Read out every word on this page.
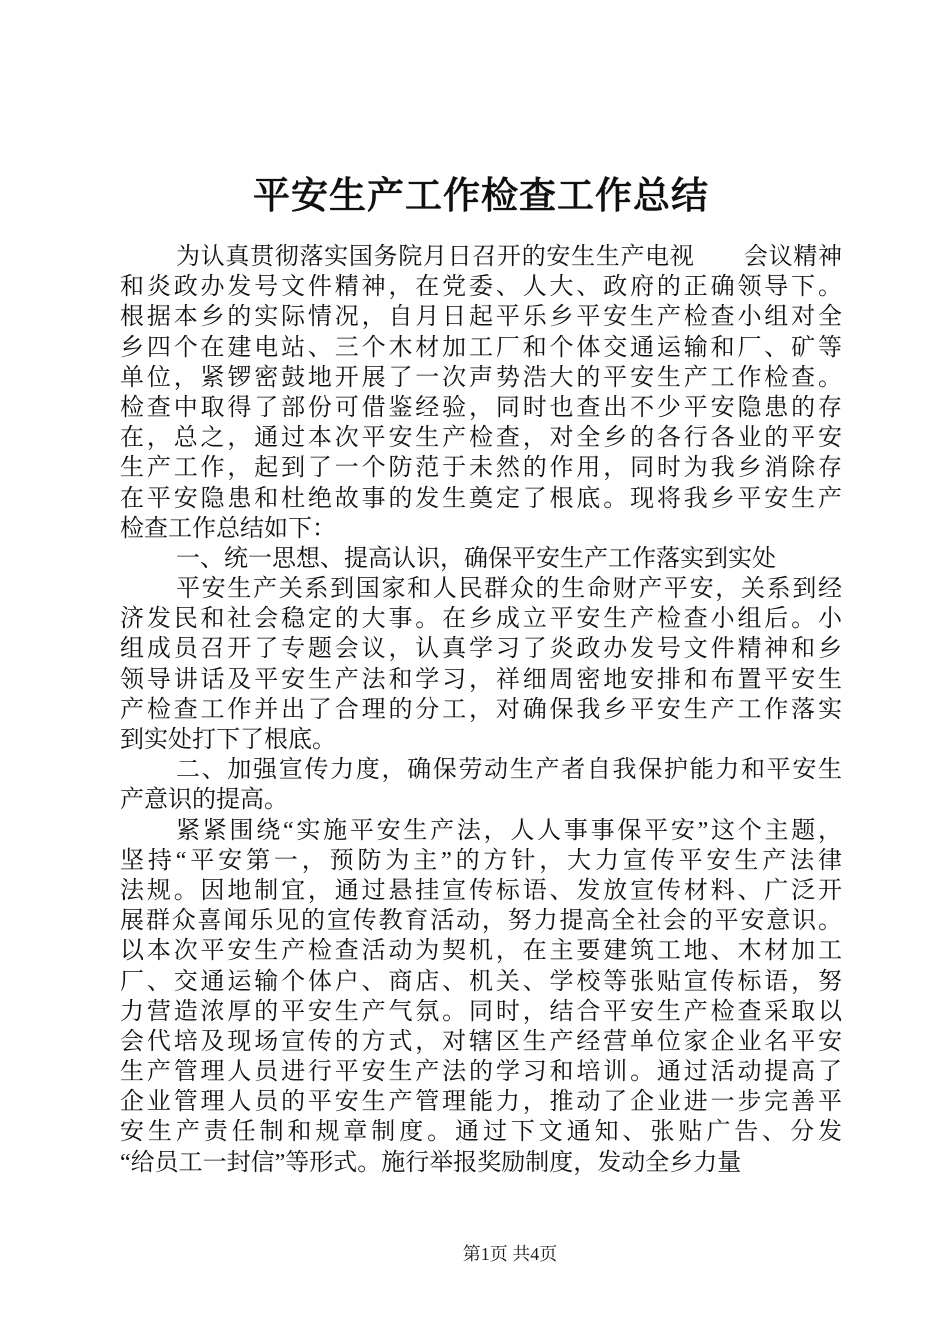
平安生产工作检查工作总结
为认真贯彻落实国务院月日召开的安生生产电视　　会议精神
和炎政办发号文件精神，在党委、人大、政府的正确领导下。
根据本乡的实际情况，自月日起平乐乡平安生产检查小组对全
乡四个在建电站、三个木材加工厂和个体交通运输和厂、矿等
单位，紧锣密鼓地开展了一次声势浩大的平安生产工作检查。
检查中取得了部份可借鉴经验，同时也查出不少平安隐患的存
在，总之，通过本次平安生产检查，对全乡的各行各业的平安
生产工作，起到了一个防范于未然的作用，同时为我乡消除存
在平安隐患和杜绝故事的发生奠定了根底。现将我乡平安生产
检查工作总结如下：
一、统一思想、提高认识，确保平安生产工作落实到实处
平安生产关系到国家和人民群众的生命财产平安，关系到经
济发民和社会稳定的大事。在乡成立平安生产检查小组后。小
组成员召开了专题会议，认真学习了炎政办发号文件精神和乡
领导讲话及平安生产法和学习，祥细周密地安排和布置平安生
产检查工作并出了合理的分工，对确保我乡平安生产工作落实
到实处打下了根底。
二、加强宣传力度，确保劳动生产者自我保护能力和平安生
产意识的提高。
紧紧围绕“实施平安生产法，人人事事保平安”这个主题，
坚持“平安第一，预防为主”的方针，大力宣传平安生产法律
法规。因地制宜，通过悬挂宣传标语、发放宣传材料、广泛开
展群众喜闻乐见的宣传教育活动，努力提高全社会的平安意识。
以本次平安生产检查活动为契机，在主要建筑工地、木材加工
厂、交通运输个体户、商店、机关、学校等张贴宣传标语，努
力营造浓厚的平安生产气氛。同时，结合平安生产检查采取以
会代培及现场宣传的方式，对辖区生产经营单位家企业名平安
生产管理人员进行平安生产法的学习和培训。通过活动提高了
企业管理人员的平安生产管理能力，推动了企业进一步完善平
安生产责任制和规章制度。通过下文通知、张贴广告、分发
“给员工一封信”等形式。施行举报奖励制度，发动全乡力量
第1页 共4页
